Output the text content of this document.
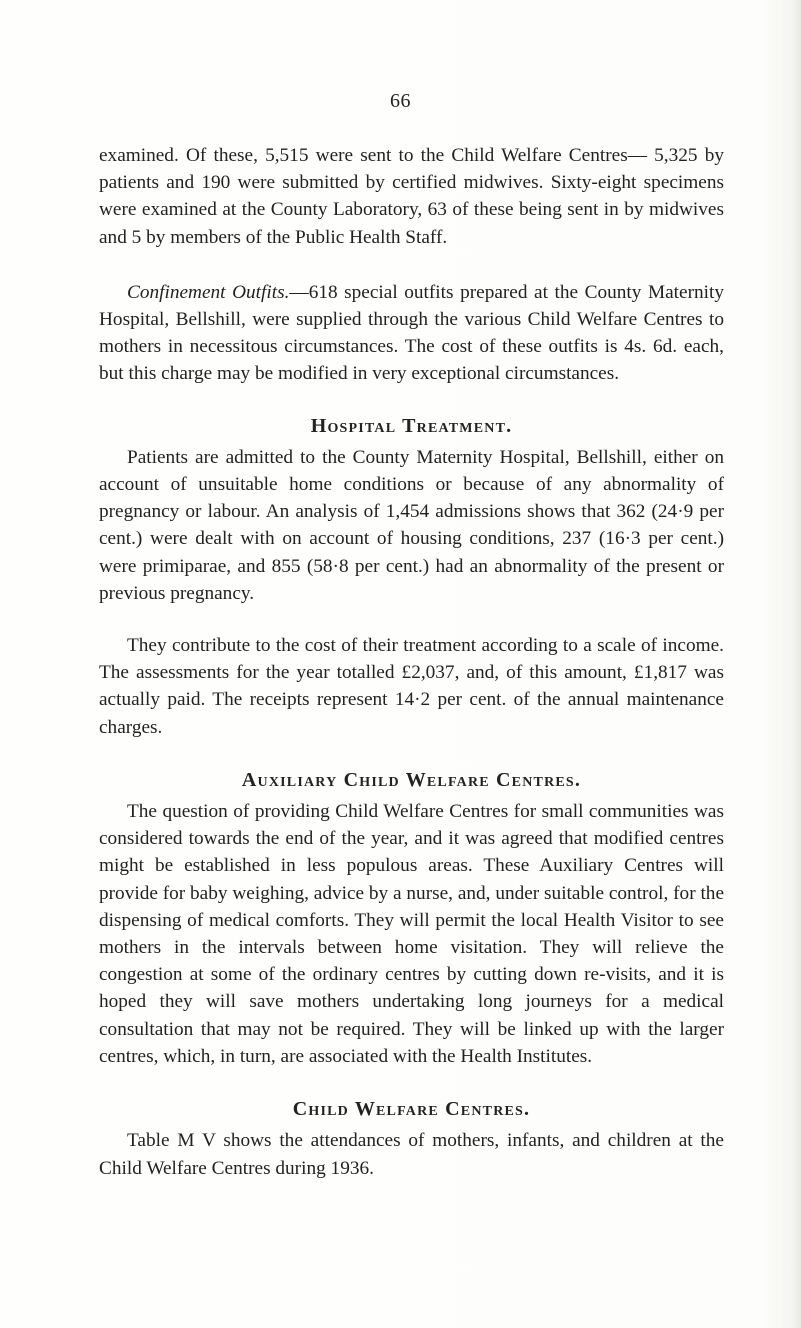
66

examined. Of these, 5,515 were sent to the Child Welfare Centres— 5,325 by patients and 190 were submitted by certified midwives. Sixty-eight specimens were examined at the County Laboratory, 63 of these being sent in by midwives and 5 by members of the Public Health Staff.

Confinement Outfits.—618 special outfits prepared at the County Maternity Hospital, Bellshill, were supplied through the various Child Welfare Centres to mothers in necessitous circumstances. The cost of these outfits is 4s. 6d. each, but this charge may be modified in very exceptional circumstances.

Hospital Treatment.

Patients are admitted to the County Maternity Hospital, Bellshill, either on account of unsuitable home conditions or because of any abnormality of pregnancy or labour. An analysis of 1,454 admissions shows that 362 (24·9 per cent.) were dealt with on account of housing conditions, 237 (16·3 per cent.) were primiparae, and 855 (58·8 per cent.) had an abnormality of the present or previous pregnancy.

They contribute to the cost of their treatment according to a scale of income. The assessments for the year totalled £2,037, and, of this amount, £1,817 was actually paid. The receipts represent 14·2 per cent. of the annual maintenance charges.

Auxiliary Child Welfare Centres.

The question of providing Child Welfare Centres for small communities was considered towards the end of the year, and it was agreed that modified centres might be established in less populous areas. These Auxiliary Centres will provide for baby weighing, advice by a nurse, and, under suitable control, for the dispensing of medical comforts. They will permit the local Health Visitor to see mothers in the intervals between home visitation. They will relieve the congestion at some of the ordinary centres by cutting down re-visits, and it is hoped they will save mothers undertaking long journeys for a medical consultation that may not be required. They will be linked up with the larger centres, which, in turn, are associated with the Health Institutes.

Child Welfare Centres.

Table M V shows the attendances of mothers, infants, and children at the Child Welfare Centres during 1936.
